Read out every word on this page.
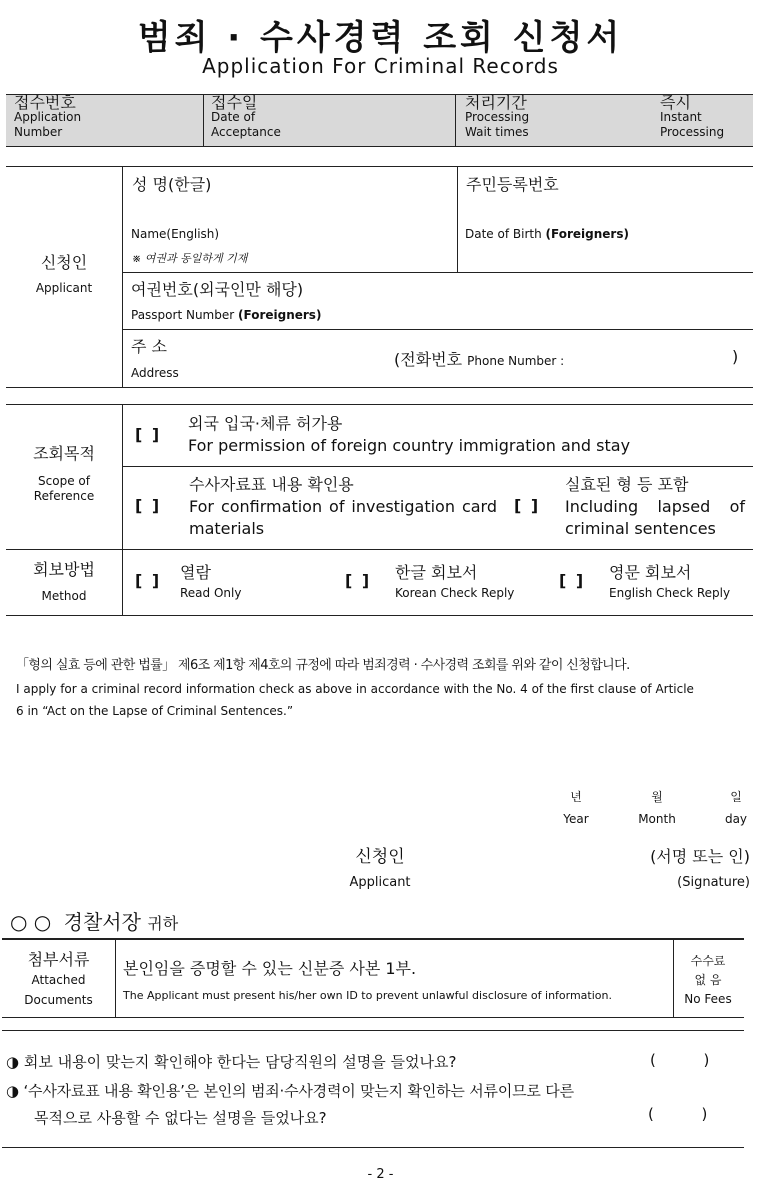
범죄 · 수사경력 조회 신청서
Application For Criminal Records
접수번호
Application
Number
접수일
Date of
Acceptance
처리기간
Processing
Wait times
즉시
Instant
Processing
신청인
Applicant
성 명(한글)
Name(English)
※ 여권과 동일하게 기재
주민등록번호
Date of Birth (Foreigners)
여권번호(외국인만 해당)
Passport Number (Foreigners)
주 소
Address
(전화번호 Phone Number :	)
조회목적
Scope of
Reference
[ ]
외국 입국·체류 허가용
For permission of foreign country immigration and stay
[ ]
수사자료표 내용 확인용
For confirmation of investigation card
materials
[ ]
실효된 형 등 포함
Including lapsed of
criminal sentences
회보방법
Method
[ ] 열람
Read Only
[ ] 한글 회보서
Korean Check Reply
[ ] 영문 회보서
English Check Reply
「형의 실효 등에 관한 법률」 제6조 제1항 제4호의 규정에 따라 범죄경력 · 수사경력 조회를 위와 같이 신청합니다.
I apply for a criminal record information check as above in accordance with the No. 4 of the first clause of Article
6 in “Act on the Lapse of Criminal Sentences.”
년
Year
월
Month
일
day
신청인
Applicant
(서명 또는 인)
(Signature)
○ ○ 경찰서장 귀하
첨부서류
Attached
Documents
본인임을 증명할 수 있는 신분증 사본 1부.
The Applicant must present his/her own ID to prevent unlawful disclosure of information.
수수료
없 음
No Fees
◑ 회보 내용이 맞는지 확인해야 한다는 담당직원의 설명을 들었나요?	(          )
◑ ‘수사자료표 내용 확인용’은 본인의 범죄·수사경력이 맞는지 확인하는 서류이므로 다른
목적으로 사용할 수 없다는 설명을 들었나요?	(          )
- 2 -
